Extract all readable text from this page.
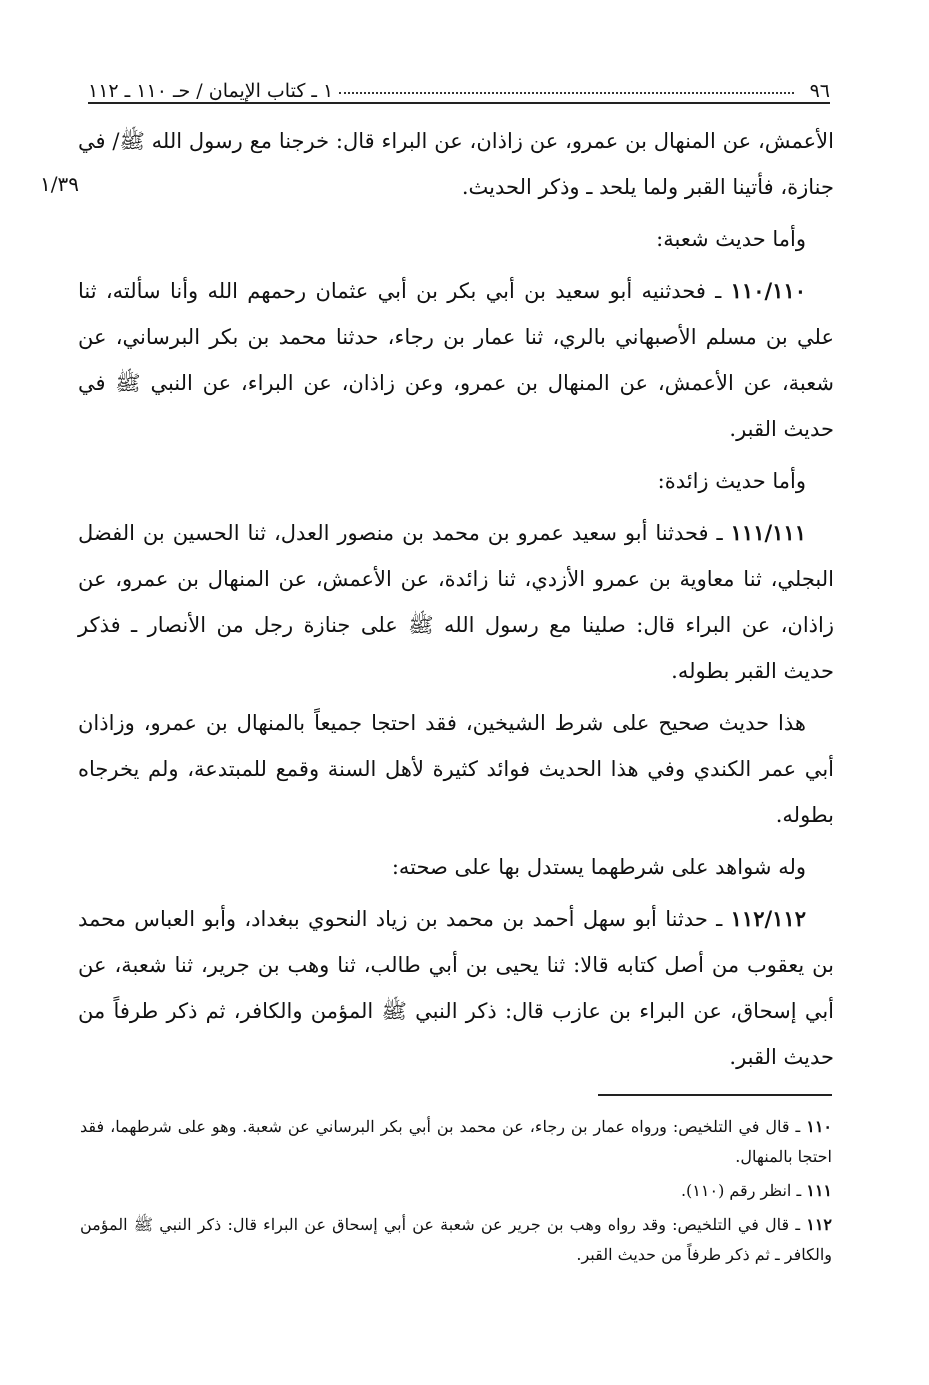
٩٦
١ ـ كتاب الإيمان / حـ ١١٠ ـ ١١٢
١/٣٩

الأعمش، عن المنهال بن عمرو، عن زاذان، عن البراء قال: خرجنا مع رسول الله ﷺ/ في جنازة، فأتينا القبر ولما يلحد ـ وذكر الحديث.

وأما حديث شعبة:

١١٠/١١٠ ـ فحدثنيه أبو سعيد بن أبي بكر بن أبي عثمان رحمهم الله وأنا سألته، ثنا علي بن مسلم الأصبهاني بالري، ثنا عمار بن رجاء، حدثنا محمد بن بكر البرساني، عن شعبة، عن الأعمش، عن المنهال بن عمرو، وعن زاذان، عن البراء، عن النبي ﷺ في حديث القبر.

وأما حديث زائدة:

١١١/١١١ ـ فحدثنا أبو سعيد عمرو بن محمد بن منصور العدل، ثنا الحسين بن الفضل البجلي، ثنا معاوية بن عمرو الأزدي، ثنا زائدة، عن الأعمش، عن المنهال بن عمرو، عن زاذان، عن البراء قال: صلينا مع رسول الله ﷺ على جنازة رجل من الأنصار ـ فذكر حديث القبر بطوله.

هذا حديث صحيح على شرط الشيخين، فقد احتجا جميعاً بالمنهال بن عمرو، وزاذان أبي عمر الكندي وفي هذا الحديث فوائد كثيرة لأهل السنة وقمع للمبتدعة، ولم يخرجاه بطوله.

وله شواهد على شرطهما يستدل بها على صحته:

١١٢/١١٢ ـ حدثنا أبو سهل أحمد بن محمد بن زياد النحوي ببغداد، وأبو العباس محمد بن يعقوب من أصل كتابه قالا: ثنا يحيى بن أبي طالب، ثنا وهب بن جرير، ثنا شعبة، عن أبي إسحاق، عن البراء بن عازب قال: ذكر النبي ﷺ المؤمن والكافر، ثم ذكر طرفاً من حديث القبر.

١١٠ ـ قال في التلخيص: ورواه عمار بن رجاء، عن محمد بن أبي بكر البرساني عن شعبة. وهو على شرطهما، فقد احتجا بالمنهال.

١١١ ـ انظر رقم (١١٠).

١١٢ ـ قال في التلخيص: وقد رواه وهب بن جرير عن شعبة عن أبي إسحاق عن البراء قال: ذكر النبي ﷺ المؤمن والكافر ـ ثم ذكر طرفاً من حديث القبر.
